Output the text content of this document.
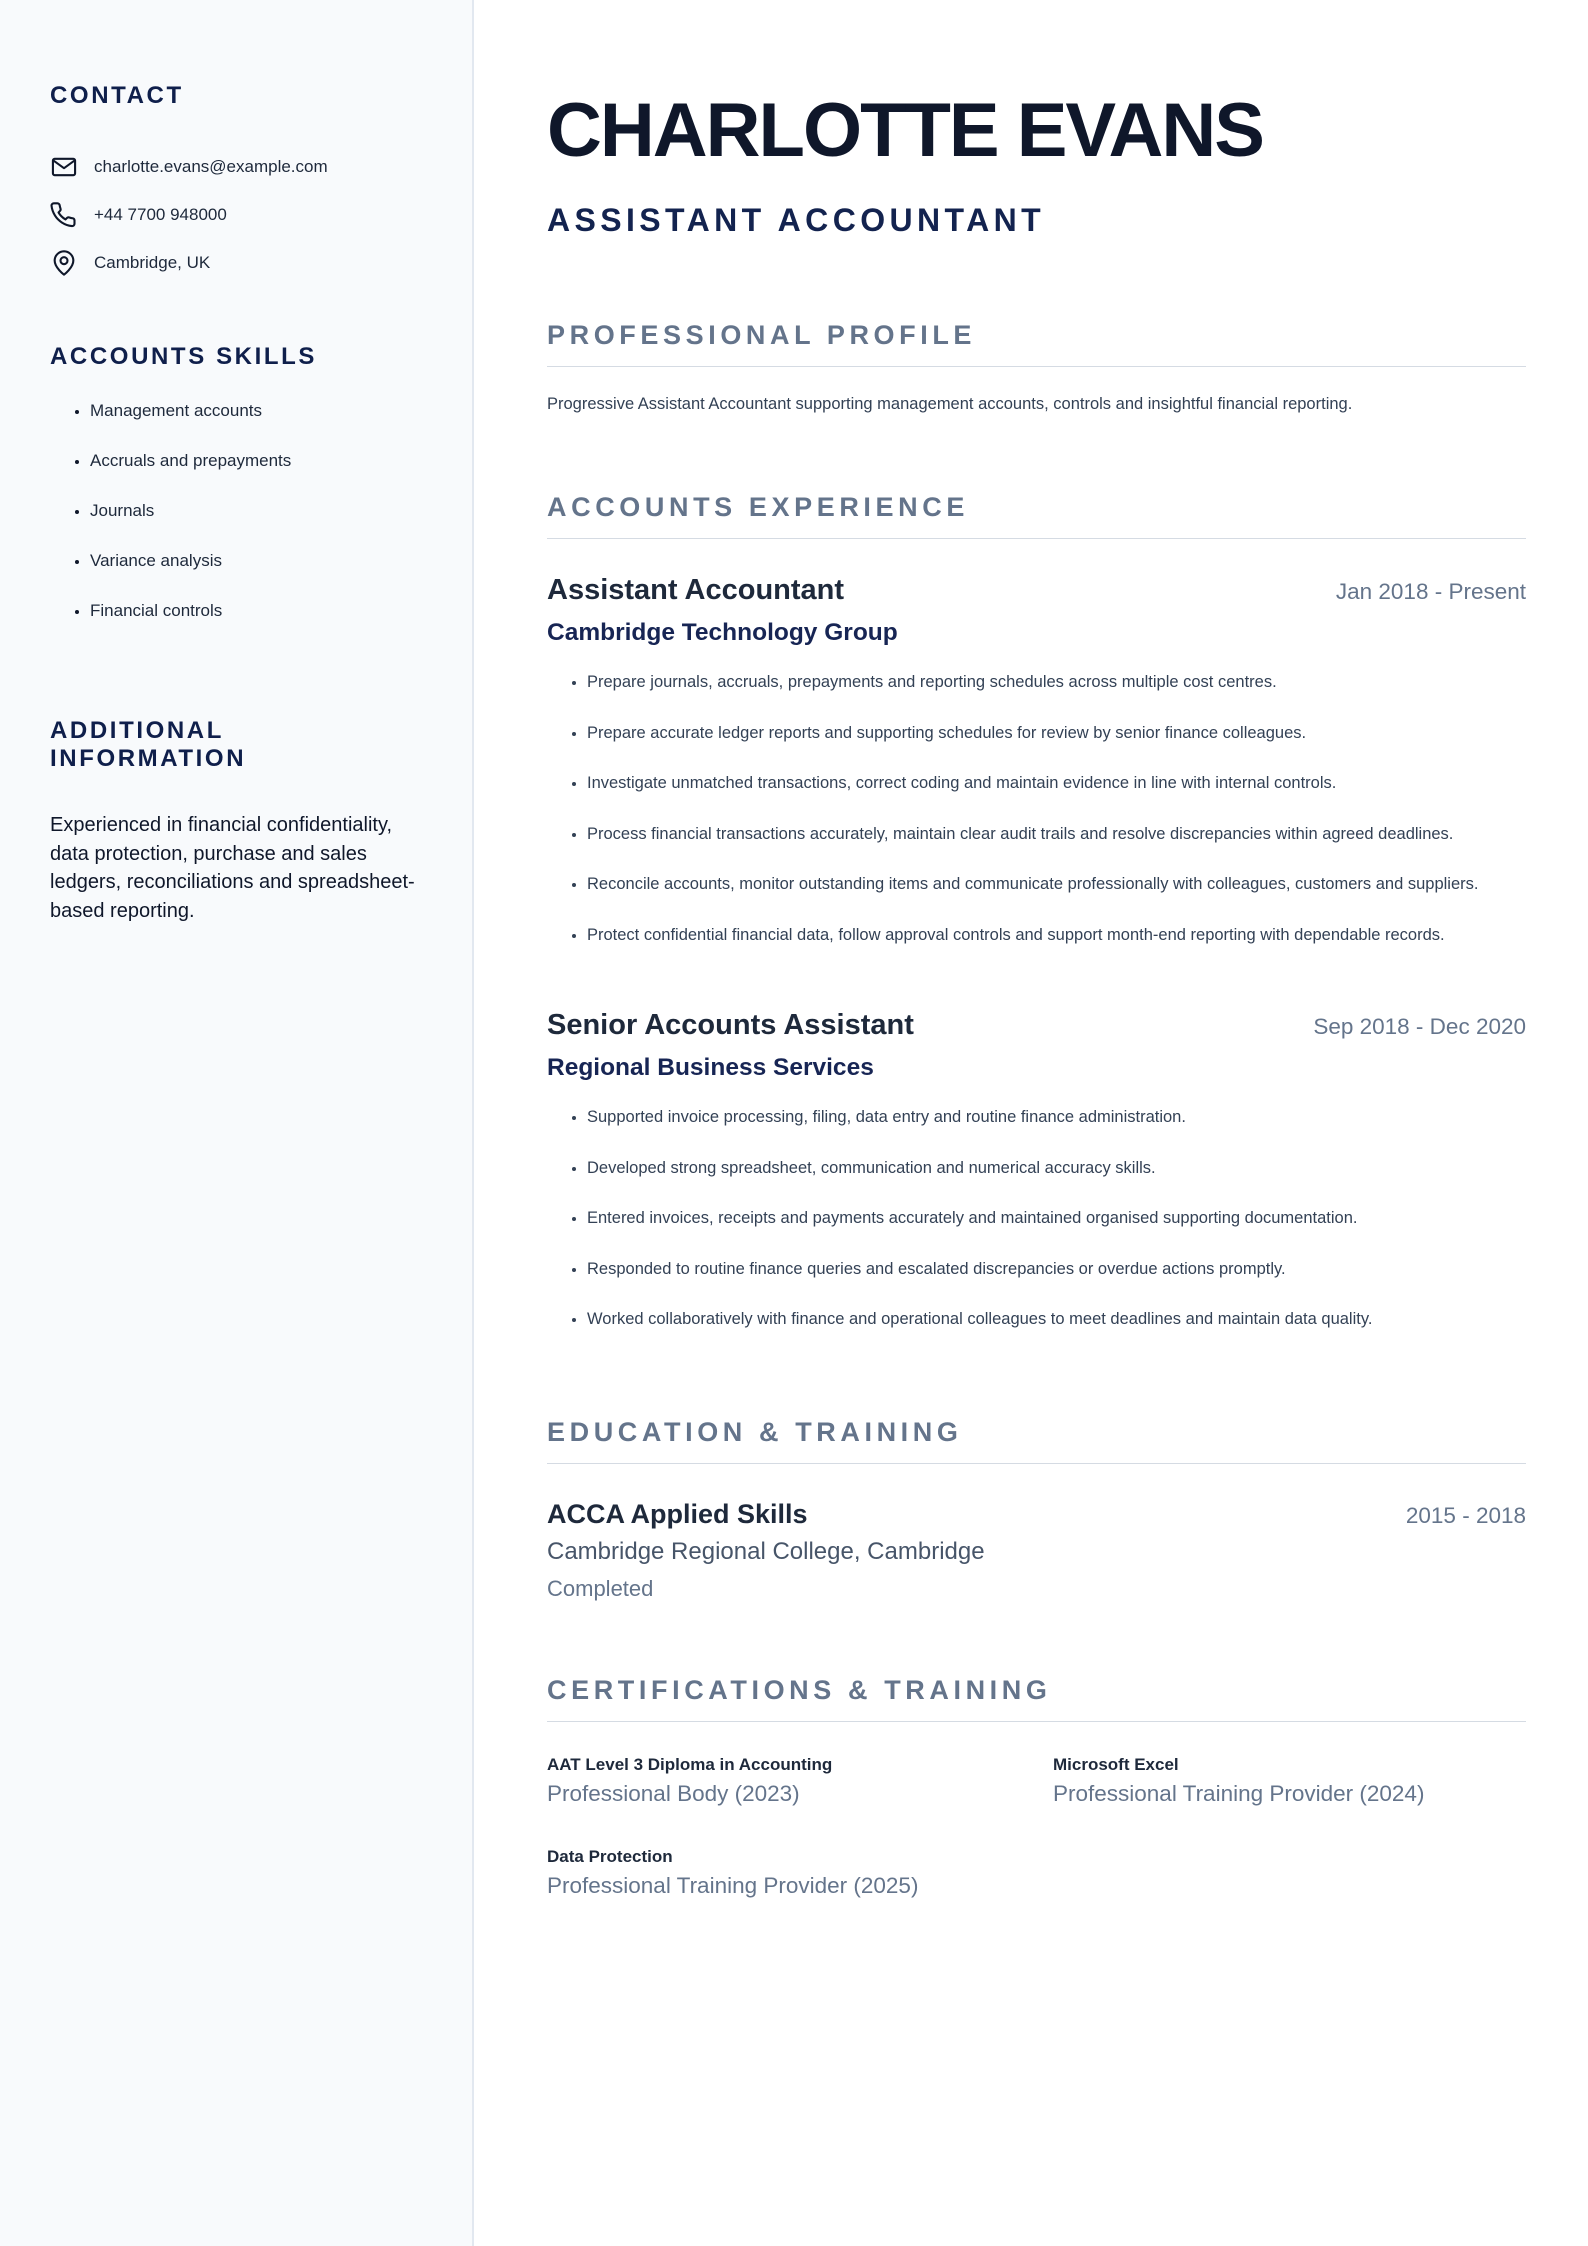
CONTACT
charlotte.evans@example.com
+44 7700 948000
Cambridge, UK
ACCOUNTS SKILLS
• Management accounts
• Accruals and prepayments
• Journals
• Variance analysis
• Financial controls
ADDITIONAL INFORMATION

Experienced in financial confidentiality, data protection, purchase and sales ledgers, reconciliations and spreadsheet-based reporting.

CHARLOTTE EVANS
ASSISTANT ACCOUNTANT
PROFESSIONAL PROFILE

Progressive Assistant Accountant supporting management accounts, controls and insightful financial reporting.

ACCOUNTS EXPERIENCE
Assistant Accountant	Jan 2018 - Present
Cambridge Technology Group
• Prepare journals, accruals, prepayments and reporting schedules across multiple cost centres.
• Prepare accurate ledger reports and supporting schedules for review by senior finance colleagues.
• Investigate unmatched transactions, correct coding and maintain evidence in line with internal controls.
• Process financial transactions accurately, maintain clear audit trails and resolve discrepancies within agreed deadlines.
• Reconcile accounts, monitor outstanding items and communicate professionally with colleagues, customers and suppliers.
• Protect confidential financial data, follow approval controls and support month-end reporting with dependable records.
Senior Accounts Assistant	Sep 2018 - Dec 2020
Regional Business Services
• Supported invoice processing, filing, data entry and routine finance administration.
• Developed strong spreadsheet, communication and numerical accuracy skills.
• Entered invoices, receipts and payments accurately and maintained organised supporting documentation.
• Responded to routine finance queries and escalated discrepancies or overdue actions promptly.
• Worked collaboratively with finance and operational colleagues to meet deadlines and maintain data quality.
EDUCATION & TRAINING
ACCA Applied Skills	2015 - 2018
Cambridge Regional College, Cambridge
Completed
CERTIFICATIONS & TRAINING
AAT Level 3 Diploma in Accounting
Professional Body (2023)
Microsoft Excel
Professional Training Provider (2024)
Data Protection
Professional Training Provider (2025)
